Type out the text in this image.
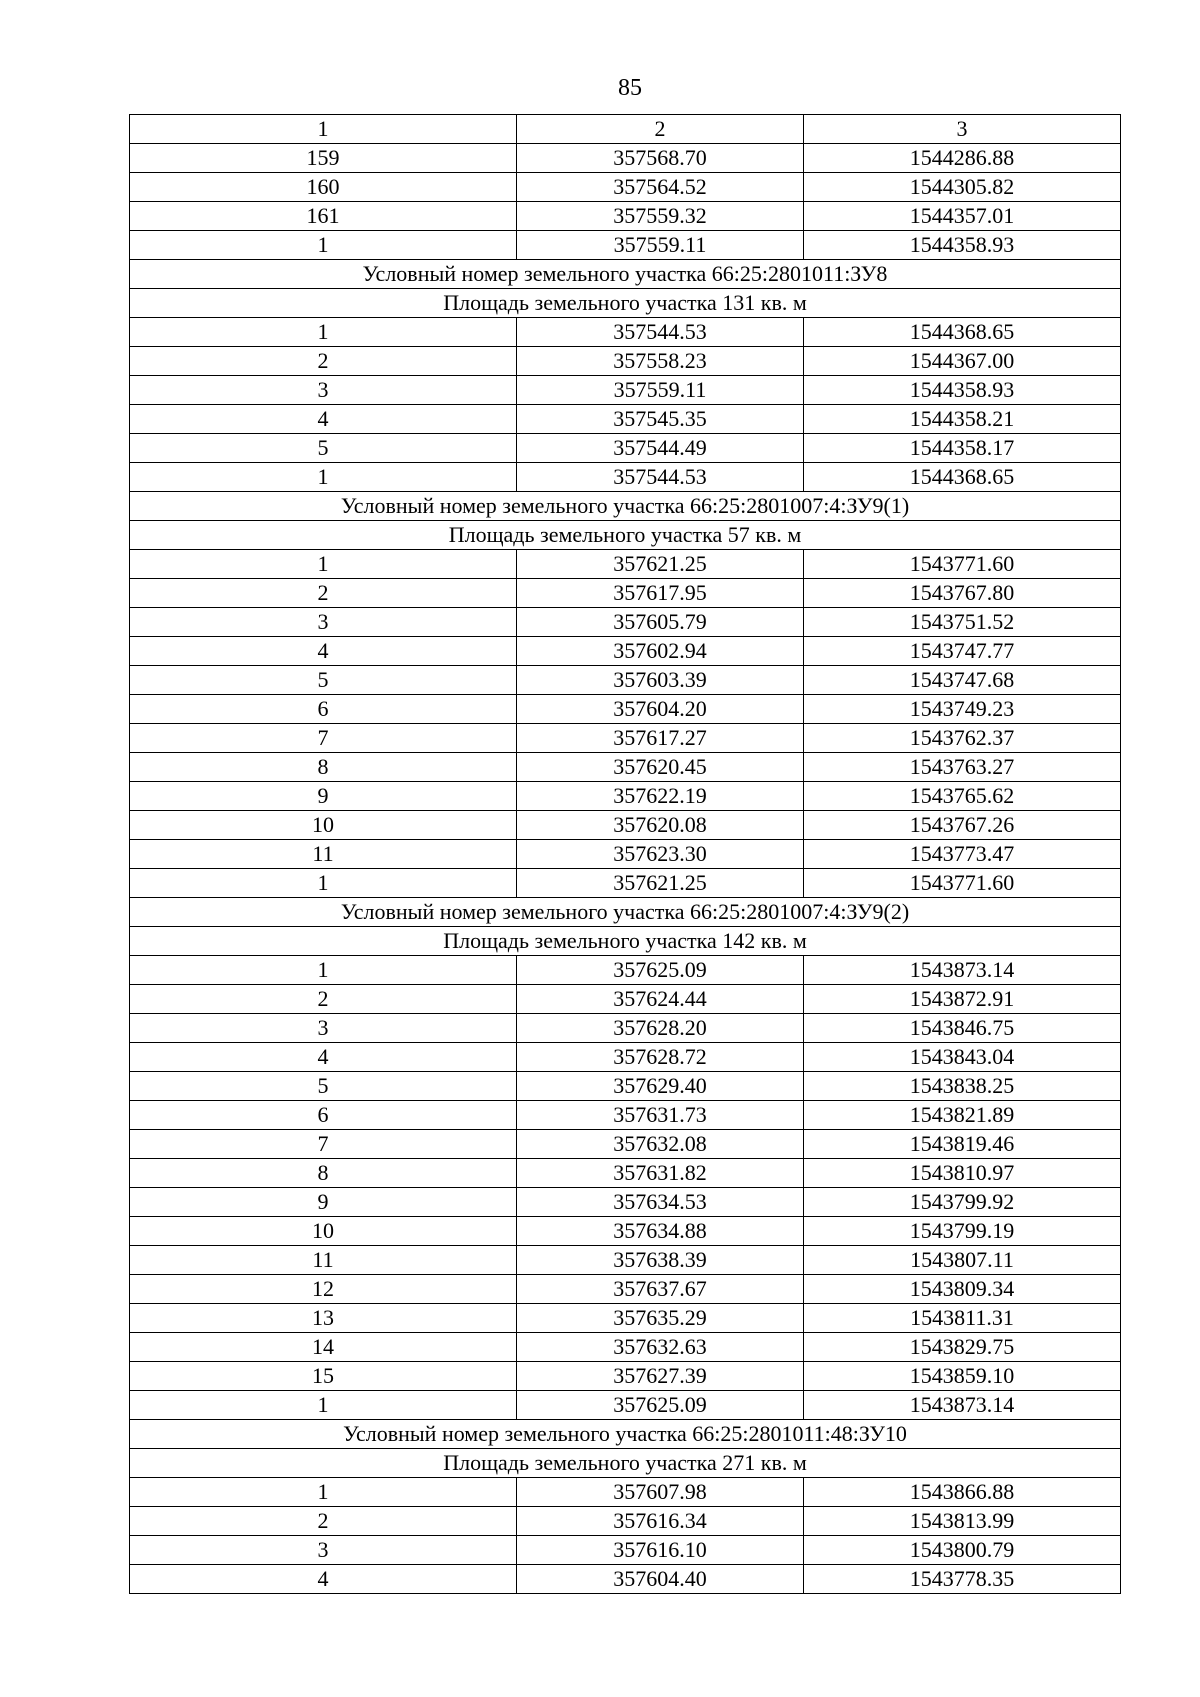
85
1	2	3
159	357568.70	1544286.88
160	357564.52	1544305.82
161	357559.32	1544357.01
1	357559.11	1544358.93
Условный номер земельного участка 66:25:2801011:ЗУ8		
Площадь земельного участка 131 кв. м		
1	357544.53	1544368.65
2	357558.23	1544367.00
3	357559.11	1544358.93
4	357545.35	1544358.21
5	357544.49	1544358.17
1	357544.53	1544368.65
Условный номер земельного участка 66:25:2801007:4:ЗУ9(1)		
Площадь земельного участка 57 кв. м		
1	357621.25	1543771.60
2	357617.95	1543767.80
3	357605.79	1543751.52
4	357602.94	1543747.77
5	357603.39	1543747.68
6	357604.20	1543749.23
7	357617.27	1543762.37
8	357620.45	1543763.27
9	357622.19	1543765.62
10	357620.08	1543767.26
11	357623.30	1543773.47
1	357621.25	1543771.60
Условный номер земельного участка 66:25:2801007:4:ЗУ9(2)		
Площадь земельного участка 142 кв. м		
1	357625.09	1543873.14
2	357624.44	1543872.91
3	357628.20	1543846.75
4	357628.72	1543843.04
5	357629.40	1543838.25
6	357631.73	1543821.89
7	357632.08	1543819.46
8	357631.82	1543810.97
9	357634.53	1543799.92
10	357634.88	1543799.19
11	357638.39	1543807.11
12	357637.67	1543809.34
13	357635.29	1543811.31
14	357632.63	1543829.75
15	357627.39	1543859.10
1	357625.09	1543873.14
Условный номер земельного участка 66:25:2801011:48:ЗУ10		
Площадь земельного участка 271 кв. м		
1	357607.98	1543866.88
2	357616.34	1543813.99
3	357616.10	1543800.79
4	357604.40	1543778.35
